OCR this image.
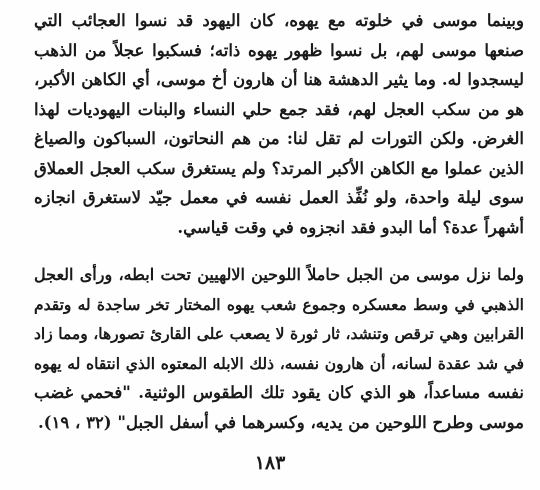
وبينما موسى في خلوته مع يهوه، كان اليهود قد نسوا العجائب التي
صنعها موسى لهم، بل نسوا ظهور يهوه ذاته؛ فسكبوا عجلاً من الذهب
ليسجدوا له. وما يثير الدهشة هنا أن هارون أخ موسى، أي الكاهن الأكبر،
هو من سكب العجل لهم، فقد جمع حلي النساء والبنات اليهوديات لهذا
الغرض. ولكن التورات لم تقل لنا: من هم النحاتون، السباكون والصياغ
الذين عملوا مع الكاهن الأكبر المرتد؟ ولم يستغرق سكب العجل العملاق
سوى ليلة واحدة، ولو نُفِّذ العمل نفسه في معمل جيّد لاستغرق انجازه
أشهراً عدة؟ أما البدو فقد انجزوه في وقت قياسي.
ولما نزل موسى من الجبل حاملاً اللوحين الالهيين تحت ابطه، ورأى العجل
الذهبي في وسط معسكره وجموع شعب يهوه المختار تخر ساجدة له وتقدم
القرابين وهي ترقص وتنشد، ثار ثورة لا يصعب على القارئ تصورها، ومما زاد
في شد عقدة لسانه، أن هارون نفسه، ذلك الابله المعتوه الذي انتقاه له يهوه
نفسه مساعداً، هو الذي كان يقود تلك الطقوس الوثنية. "فحمي غضب
موسى وطرح اللوحين من يديه، وكسرهما في أسفل الجبل" (٣٢ ، ١٩).
١٨٣
